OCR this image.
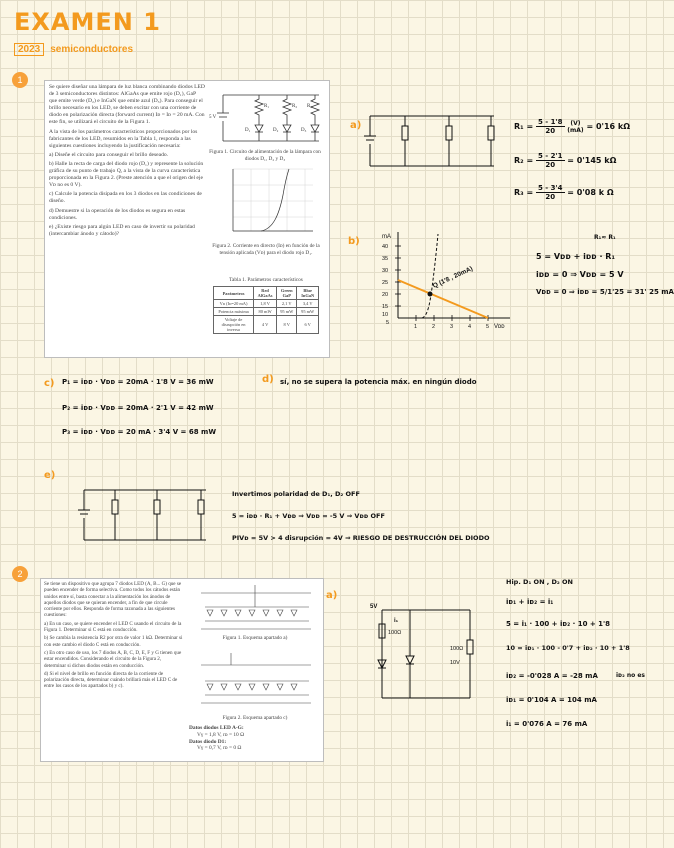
EXAMEN 1
2023 semiconductores
1

Se quiere diseñar una lámpara de luz blanca combinando diodos LED de 3 semiconductores distintos: AlGaAs que emite rojo (D₁), GaP que emite verde (D₂) e InGaN que emite azul (D₃). Para conseguir el brillo necesario en los LED, se deben excitar con una corriente de diodo en polarización directa (forward current) Iᴅ = Iᴅ = 20 mA. Con este fin, se utilizará el circuito de la Figura 1.

A la vista de los parámetros característicos proporcionados por los fabricantes de los LED, resumidos en la Tabla 1, responda a las siguientes cuestiones incluyendo la justificación necesaria:

a) Diseñe el circuito para conseguir el brillo deseado.

b) Halle la recta de carga del diodo rojo (D₁) y represente la solución gráfica de su punto de trabajo Q, a la vista de la curva característica proporcionada en la Figura 2. (Preste atención a que el origen del eje Vᴅ no es 0 V).

c) Calcule la potencia disipada en los 3 diodos en las condiciones de diseño.

d) Demuestre si la operación de los diodos es segura en estas condiciones.

e) ¿Existe riesgo para algún LED en caso de invertir su polaridad (intercambiar ánodo y cátodo)?

5 V
R₁	R₂ R₃
D₁	D₂	D₃
Figura 1. Circuito de alimentación de la lámpara con diodos D₁, D₂ y D₃
Figura 2. Corriente en directo (Iᴅ) en función de la tensión aplicada (Vᴅ) para el diodo rojo D₁.
Tabla 1. Parámetros característicos
Parámetros	Red AlGaAs	Green GaP	Blue InGaN
Vᴅ (Iᴅ=20 mA)	1,8 V	2,1 V	3,4 V
Potencia máxima	80 mW	95 mW	95 mW
Voltaje de disrupción en inversa	4 V	8 V	6 V
a)	$R_1 = \frac{5 - 1'8}{20}$
(V)
(mA) = 0'16 kΩ
$R_2 = \frac{5 - 2'1}{20} = 0'145$ kΩ
$R_3 = \frac{5 - 3'4}{20} = 0'08$ k Ω
b)	mA
Vᴅᴅ
40
35
30
25
20
15
10
5
1	2	3	4	5
Q (1'8 , 20mA)
R₁≈ R₁
5 = Vᴅᴅ + iᴅᴅ · R₁
iᴅᴅ = 0 ⇒ Vᴅᴅ = 5 V
Vᴅᴅ = 0 ⇒ iᴅᴅ = 5/1'25 = 31' 25 mA
c) P₁ = iᴅᴅ · Vᴅᴅ = 20mA · 1'8 V = 36 mW
P₂ = iᴅᴅ · Vᴅᴅ = 20mA · 2'1 V = 42 mW
P₃ = iᴅᴅ · Vᴅᴅ = 20 mA · 3'4 V = 68 mW
d) sí, no se supera la potencia máx. en ningún diodo
e)
Invertimos polaridad de D₁, D₂ OFF
5 = iᴅᴅ · R₁ + Vᴅᴅ ⇒ Vᴅᴅ = -5 V ⇒ Vᴅᴅ OFF
PIVᴅ = 5V > 4 disrupción = 4V ⇒ RIESGO DE DESTRUCCIÓN DEL DIODO
2

Se tiene un dispositivo que agrupa 7 diodos LED (A, B... G) que se pueden encender de forma selectiva. Como todos los cátodos están unidos entre sí, basta conectar a la alimentación los ánodos de aquellos diodos que se quieran encender, a fin de que circule corriente por ellos. Responda de forma razonada a las siguientes cuestiones:

a) En un caso, se quiere encender el LED C usando el circuito de la Figura 1. Determinar si C está en conducción.

b) Se cambia la resistencia R2 por otra de valor 1 kΩ. Determinar si con este cambio el diodo C está en conducción.

c) En otro caso de uso, los 7 diodos A, B, C, D, E, F y G tienen que estar encendidos. Considerando el circuito de la Figura 2, determinar si dichos diodos están en conducción.

d) Si el nivel de brillo en función directa de la corriente de polarización directa, determinar cuándo brillará más el LED C de entre los casos de los apartados b) y c).

Figura 1. Esquema apartado a)
Figura 2. Esquema apartado c)
Datos diodos LED A-G:
Vγ = 1,8 V, rᴅ = 10 Ω
Datos diodo D1:
Vγ = 0,7 V, rᴅ = 0 Ω
a)
5V
100Ω
i₁
100Ω
10V
Hip. D₁ ON , D₂ ON
iᴅ₁ + iᴅ₂ = i₁
5 = i₁ · 100 + iᴅ₂ · 10 + 1'8
10 = iᴅ₁ · 100 - 0'7 + iᴅ₂ · 10 + 1'8
iᴅ₂ = -0'028 A = -28 mA	iᴅ₂ no es
iᴅ₁ = 0'104 A = 104 mA
i₁ = 0'076 A = 76 mA
